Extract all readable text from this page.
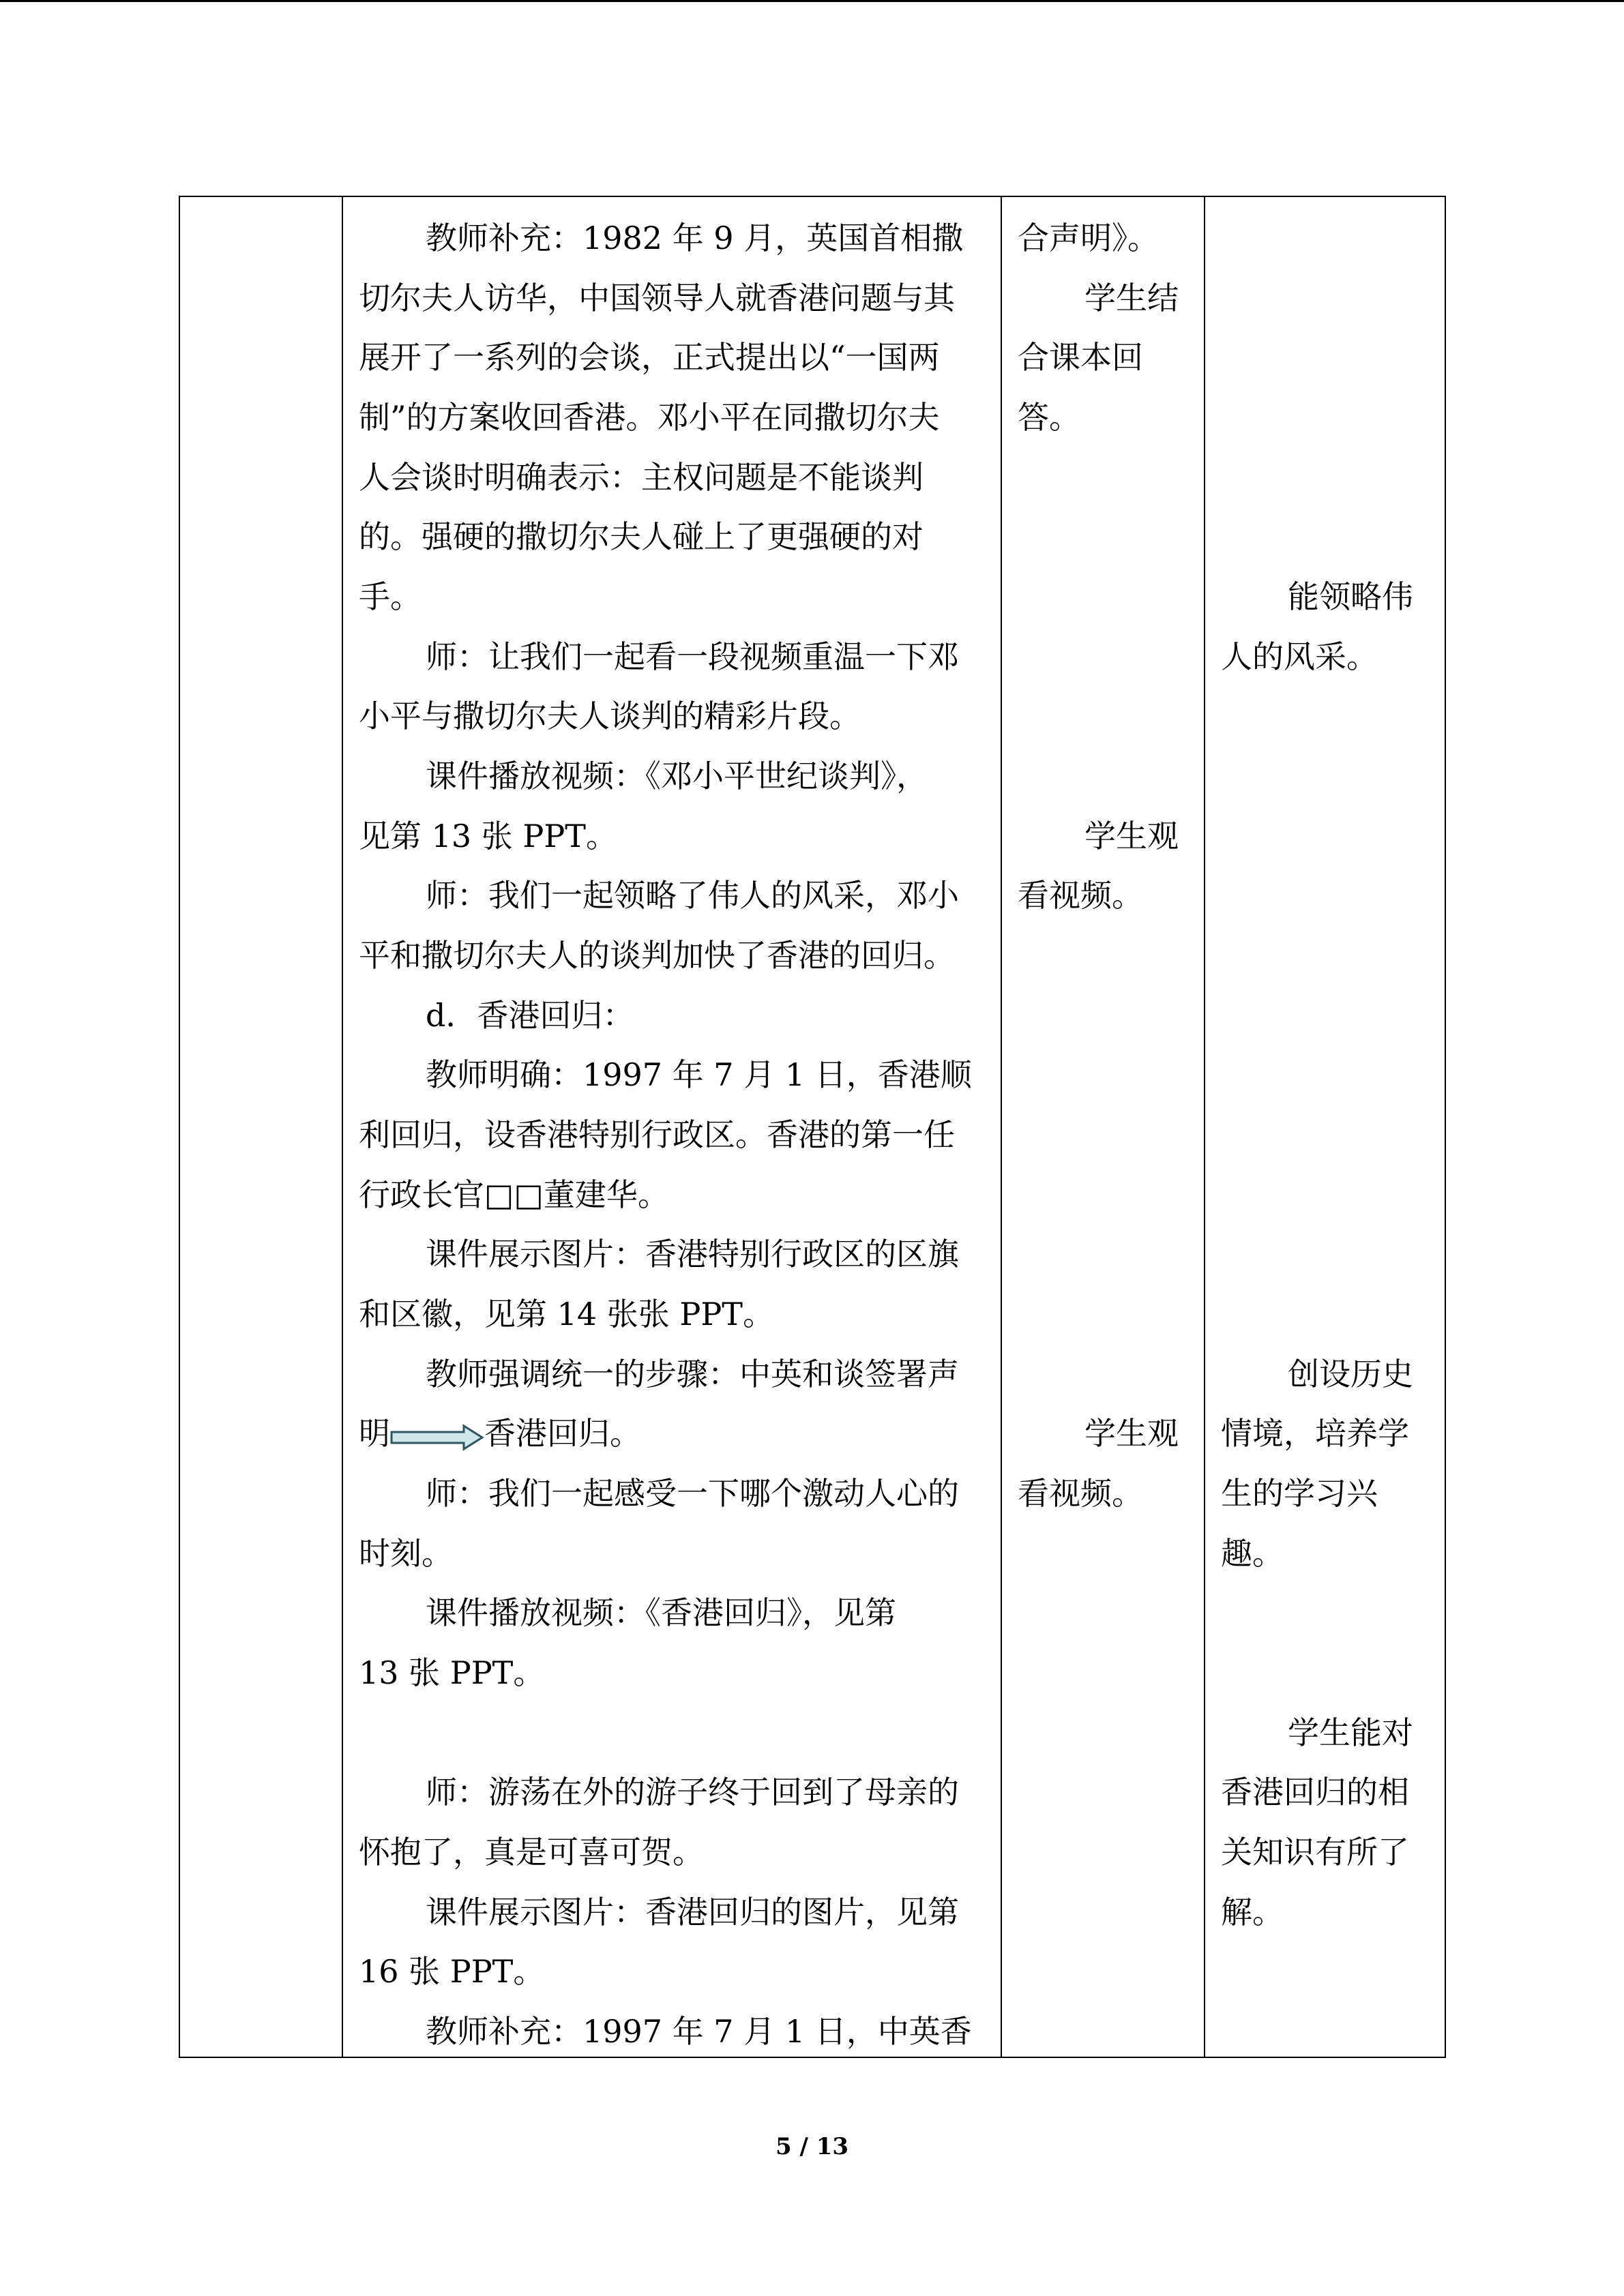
教师补充：1982 年 9 月，英国首相撒
切尔夫人访华，中国领导人就香港问题与其
展开了一系列的会谈，正式提出以“一国两
制”的方案收回香港。邓小平在同撒切尔夫
人会谈时明确表示：主权问题是不能谈判
的。强硬的撒切尔夫人碰上了更强硬的对
手。
师：让我们一起看一段视频重温一下邓
小平与撒切尔夫人谈判的精彩片段。
课件播放视频：《邓小平世纪谈判》，
见第 13 张 PPT。
师：我们一起领略了伟人的风采，邓小
平和撒切尔夫人的谈判加快了香港的回归。
d．香港回归：
教师明确：1997 年 7 月 1 日，香港顺
利回归，设香港特别行政区。香港的第一任
行政长官□□董建华。
课件展示图片：香港特别行政区的区旗
和区徽，见第 14 张张 PPT。
教师强调统一的步骤：中英和谈签署声
明	香港回归。
师：我们一起感受一下哪个激动人心的
时刻。
课件播放视频：《香港回归》，见第
13 张 PPT。
师：游荡在外的游子终于回到了母亲的
怀抱了，真是可喜可贺。
课件展示图片：香港回归的图片，见第
16 张 PPT。
教师补充：1997 年 7 月 1 日，中英香
合声明》。
学生结
合课本回
答。
学生观
看视频。
学生观
看视频。
能领略伟
人的风采。
创设历史
情境，培养学
生的学习兴
趣。
学生能对
香港回归的相
关知识有所了
解。
5 / 13
